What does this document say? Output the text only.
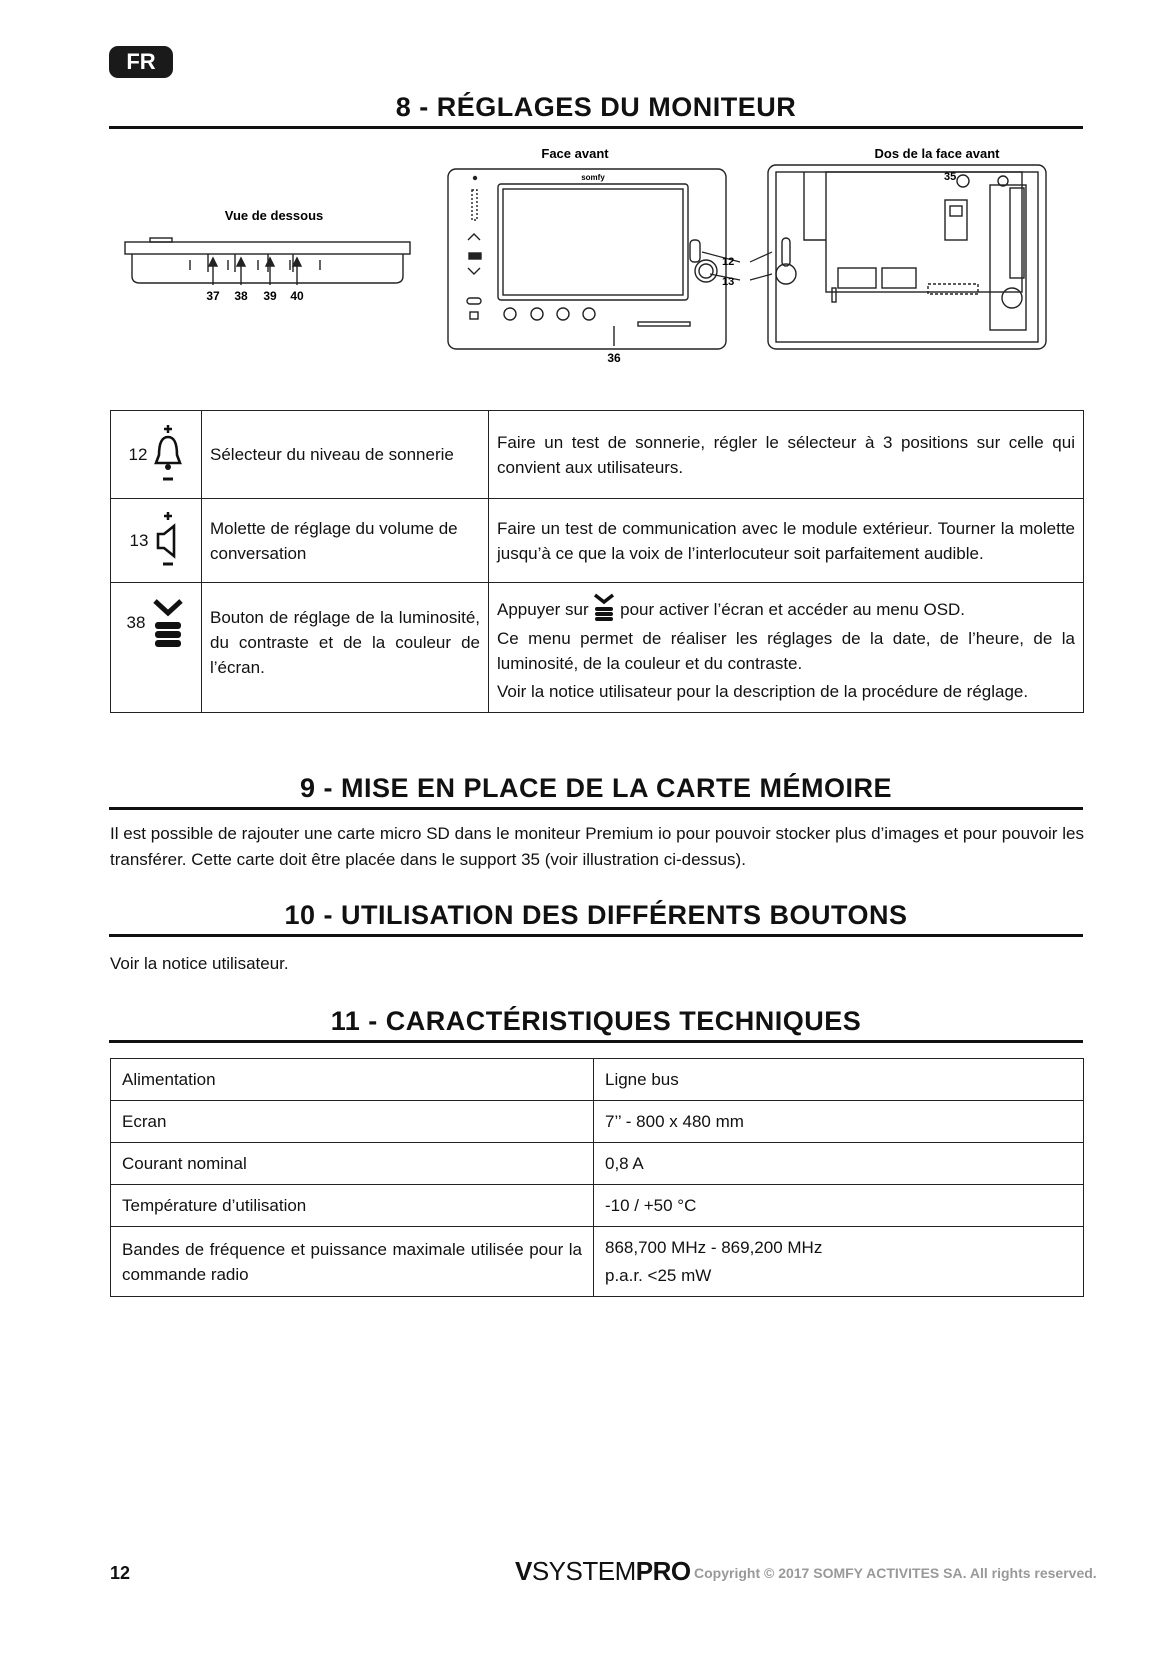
FR
8 - RÉGLAGES DU MONITEUR
Vue de dessous
37 38 39 40
Face avant
somfy
36
12
13
Dos de la face avant
35
12	Sélecteur du niveau de sonnerie	Faire un test de sonnerie, régler le sélecteur à 3 positions sur celle qui convient aux utilisateurs.

13	Molette de réglage du volume de conversation	Faire un test de communication avec le module extérieur. Tourner la molette jusqu’à ce que la voix de l’interlocuteur soit parfaitement audible.

38	Bouton de réglage de la luminosité, du contraste et de la couleur de l’écran.	Appuyer sur pour activer l’écran et accéder au menu OSD.
Ce menu permet de réaliser les réglages de la date, de l’heure, de la luminosité, de la couleur et du contraste.
Voir la notice utilisateur pour la description de la procédure de réglage.
9 - MISE EN PLACE DE LA CARTE MÉMOIRE
Il est possible de rajouter une carte micro SD dans le moniteur Premium io pour pouvoir stocker plus d’images et pour pouvoir les transférer. Cette carte doit être placée dans le support 35 (voir illustration ci-dessus).
10 - UTILISATION DES DIFFÉRENTS BOUTONS
Voir la notice utilisateur.
11 - CARACTÉRISTIQUES TECHNIQUES
Alimentation	Ligne bus
Ecran	7’’ - 800 x 480 mm
Courant nominal	0,8 A
Température d’utilisation	-10 / +50 °C
Bandes de fréquence et puissance maximale utilisée pour la commande radio	868,700 MHz - 869,200 MHz
p.a.r. <25 mW
12	VSYSTEMPRO Copyright © 2017 SOMFY ACTIVITES SA. All rights reserved.
